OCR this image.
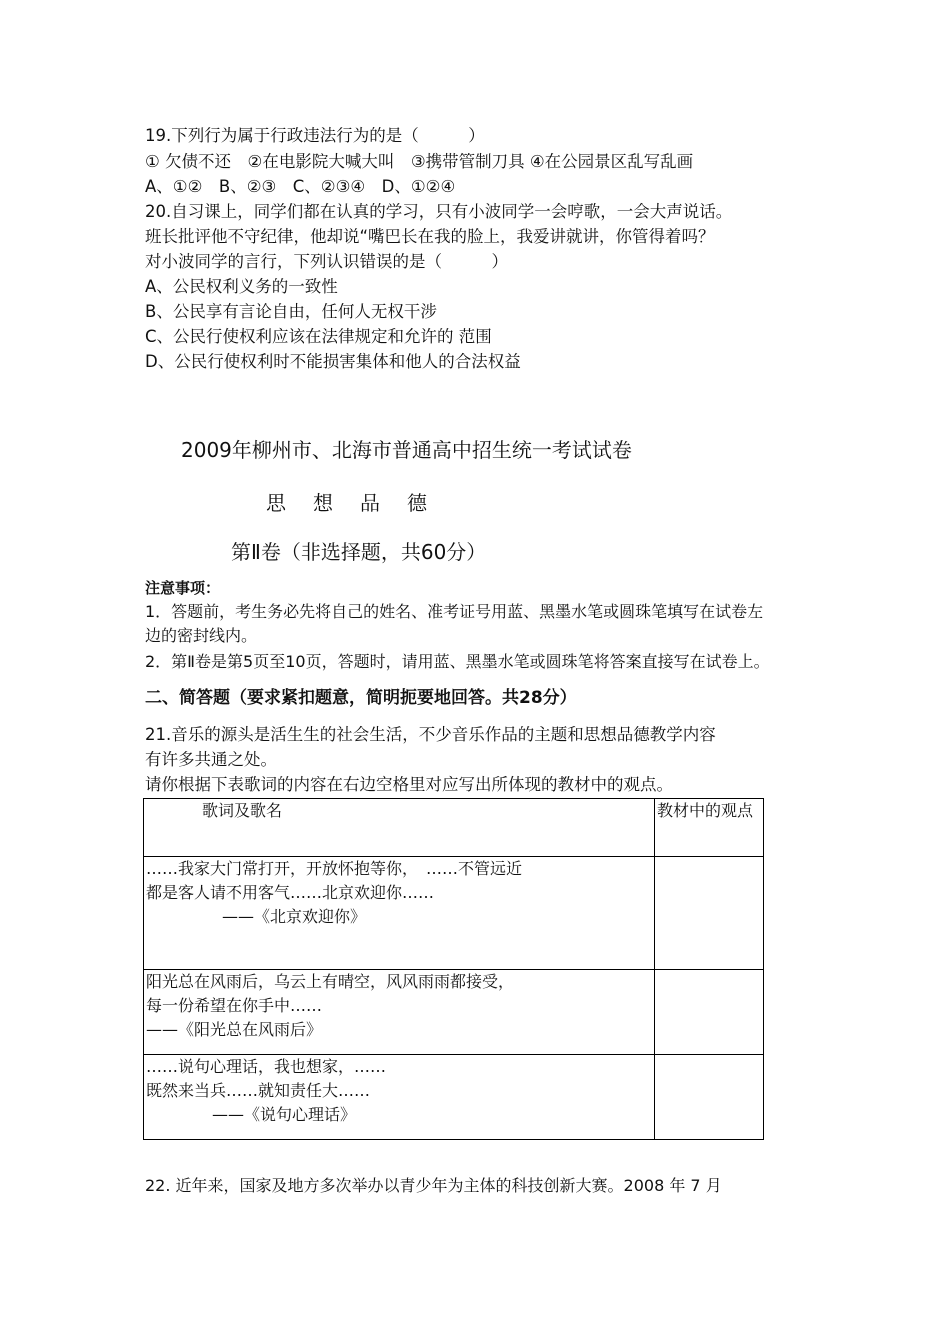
19.下列行为属于行政违法行为的是（　　　）
① 欠债不还　②在电影院大喊大叫　③携带管制刀具 ④在公园景区乱写乱画
A、①②　B、②③　C、②③④　D、①②④
20.自习课上，同学们都在认真的学习，只有小波同学一会哼歌，一会大声说话。
班长批评他不守纪律，他却说“嘴巴长在我的脸上，我爱讲就讲，你管得着吗？
对小波同学的言行，下列认识错误的是（　　　）
A、公民权利义务的一致性
B、公民享有言论自由，任何人无权干涉
C、公民行使权利应该在法律规定和允许的 范围
D、公民行使权利时不能损害集体和他人的合法权益
2009年柳州市、北海市普通高中招生统一考试试卷
思想品德
第Ⅱ卷（非选择题，共60分）
注意事项：
1．答题前，考生务必先将自己的姓名、准考证号用蓝、黑墨水笔或圆珠笔填写在试卷左
边的密封线内。
2．第Ⅱ卷是第5页至10页，答题时，请用蓝、黑墨水笔或圆珠笔将答案直接写在试卷上。
二、简答题（要求紧扣题意，简明扼要地回答。共28分）
21.音乐的源头是活生生的社会生活，不少音乐作品的主题和思想品德教学内容
有许多共通之处。
请你根据下表歌词的内容在右边空格里对应写出所体现的教材中的观点。
歌词及歌名	教材中的观点

……我家大门常打开，开放怀抱等你，　……不管远近
都是客人请不用客气……北京欢迎你……
——《北京欢迎你》	

阳光总在风雨后，乌云上有晴空，风风雨雨都接受，
每一份希望在你手中……
——《阳光总在风雨后》	

……说句心理话，我也想家，……
既然来当兵……就知责任大……
——《说句心理话》	

22. 近年来，国家及地方多次举办以青少年为主体的科技创新大赛。2008 年 7 月
